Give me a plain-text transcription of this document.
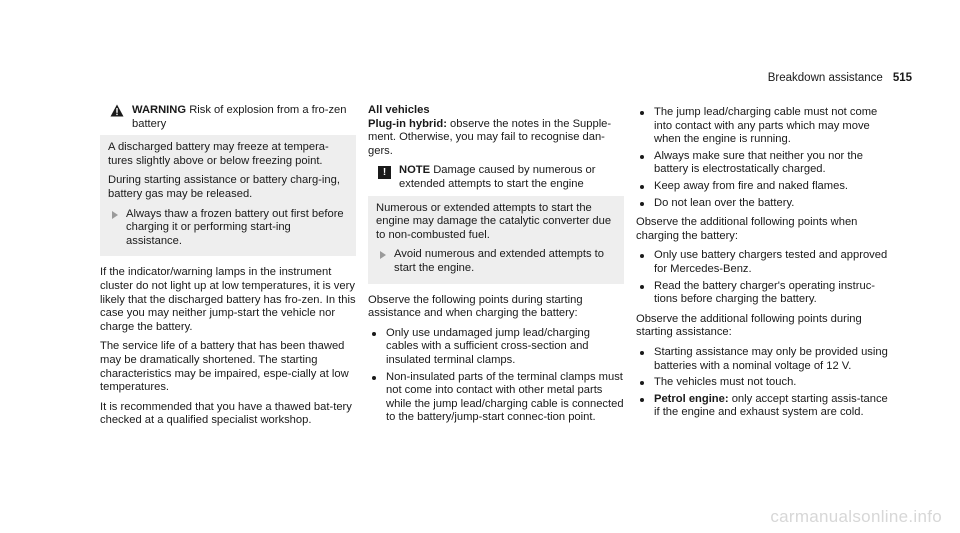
Breakdown assistance 515
WARNING Risk of explosion from a fro-zen battery

A discharged battery may freeze at tempera-tures slightly above or below freezing point.

During starting assistance or battery charg-ing, battery gas may be released.

Always thaw a frozen battery out first before charging it or performing start-ing assistance.

If the indicator/warning lamps in the instrument cluster do not light up at low temperatures, it is very likely that the discharged battery has fro-zen. In this case you may neither jump-start the vehicle nor charge the battery.

The service life of a battery that has been thawed may be dramatically shortened. The starting characteristics may be impaired, espe-cially at low temperatures.

It is recommended that you have a thawed bat-tery checked at a qualified specialist workshop.

All vehicles

Plug-in hybrid: observe the notes in the Supple-ment. Otherwise, you may fail to recognise dan-gers.

!	NOTE Damage caused by numerous or extended attempts to start the engine

Numerous or extended attempts to start the engine may damage the catalytic converter due to non-combusted fuel.

Avoid numerous and extended attempts to start the engine.

Observe the following points during starting assistance and when charging the battery:

Only use undamaged jump lead/charging cables with a sufficient cross-section and insulated terminal clamps.
Non-insulated parts of the terminal clamps must not come into contact with other metal parts while the jump lead/charging cable is connected to the battery/jump-start connec-tion point.
The jump lead/charging cable must not come into contact with any parts which may move when the engine is running.
Always make sure that neither you nor the battery is electrostatically charged.
Keep away from fire and naked flames.
Do not lean over the battery.

Observe the additional following points when charging the battery:

Only use battery chargers tested and approved for Mercedes-Benz.
Read the battery charger's operating instruc-tions before charging the battery.

Observe the additional following points during starting assistance:

Starting assistance may only be provided using batteries with a nominal voltage of 12 V.
The vehicles must not touch.
Petrol engine: only accept starting assis-tance if the engine and exhaust system are cold.
carmanualsonline.info
